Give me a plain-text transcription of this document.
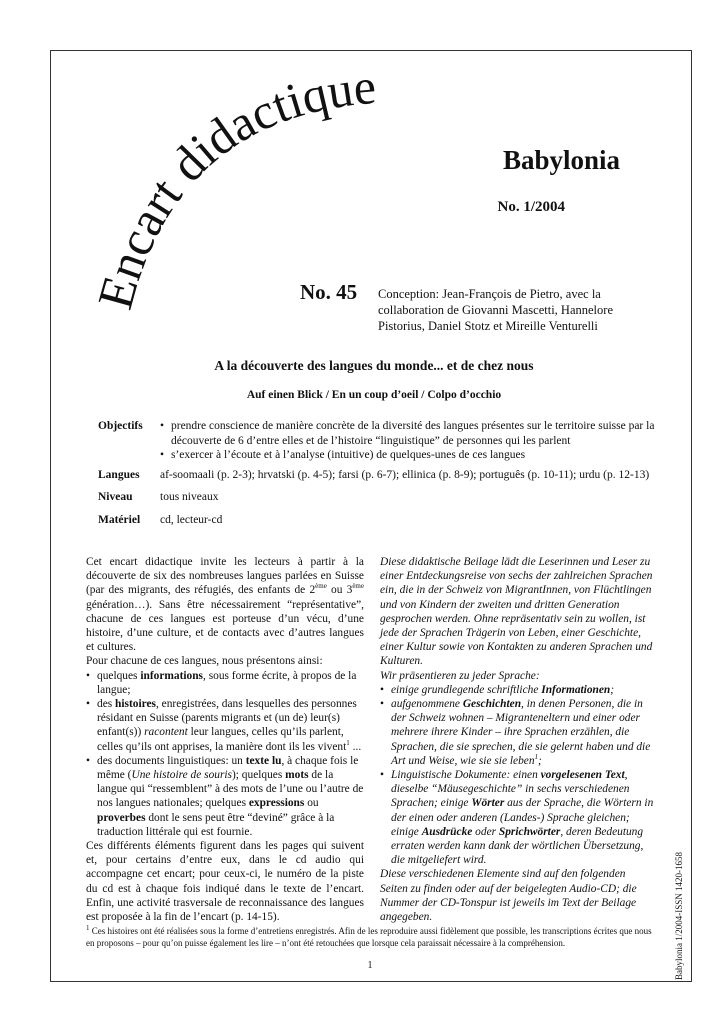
Encart didactique
Babylonia
No. 1/2004
No. 45 Conception: Jean-François de Pietro, avec la collaboration de Giovanni Mascetti, Hannelore Pistorius, Daniel Stotz et Mireille Venturelli
A la découverte des langues du monde... et de chez nous
Auf einen Blick / En un coup d’oeil / Colpo d’occhio
Objectifs
•	prendre conscience de manière concrète de la diversité des langues présentes sur le territoire suisse par la découverte de 6 d’entre elles et de l’histoire “linguistique” de personnes qui les parlent
• s’exercer à l’écoute et à l’analyse (intuitive) de quelques-unes de ces langues
Langues	af-soomaali (p. 2-3); hrvatski (p. 4-5); farsi (p. 6-7); ellinica (p. 8-9); português (p. 10-11); urdu (p. 12-13)
Niveau	tous niveaux
Matériel	cd, lecteur-cd

Cet encart didactique invite les lecteurs à partir à la découverte de six des nombreuses langues parlées en Suisse (par des migrants, des réfugiés, des enfants de 2ème ou 3ème génération…). Sans être nécessairement “représentative”, chacune de ces langues est porteuse d’un vécu, d’une histoire, d’une culture, et de contacts avec d’autres langues et cultures.

Pour chacune de ces langues, nous présentons ainsi:

• quelques informations, sous forme écrite, à propos de la langue;
• des histoires, enregistrées, dans lesquelles des personnes résidant en Suisse (parents migrants et (un de) leur(s) enfant(s)) racontent leur langues, celles qu’ils parlent, celles qu’ils ont apprises, la manière dont ils les vivent$^1$ ...
• des documents linguistiques: un texte lu, à chaque fois le même (Une histoire de souris); quelques mots de la langue qui “ressemblent” à des mots de l’une ou l’autre de nos langues nationales; quelques expressions ou proverbes dont le sens peut être “deviné” grâce à la traduction littérale qui est fournie.

Ces différents éléments figurent dans les pages qui suivent et, pour certains d’entre eux, dans le cd audio qui accompagne cet encart; pour ceux-ci, le numéro de la piste du cd est à chaque fois indiqué dans le texte de l’encart. Enfin, une activité trasversale de reconnaissance des langues est proposée à la fin de l’encart (p. 14-15).

Diese didaktische Beilage lädt die Leserinnen und Leser zu einer Entdeckungsreise von sechs der zahlreichen Sprachen ein, die in der Schweiz von MigrantInnen, von Flüchtlingen und von Kindern der zweiten und dritten Generation gesprochen werden. Ohne repräsentativ sein zu wollen, ist jede der Sprachen Trägerin von Leben, einer Geschichte, einer Kultur sowie von Kontakten zu anderen Sprachen und Kulturen.

Wir präsentieren zu jeder Sprache:

• einige grundlegende schriftliche Informationen;
• aufgenommene Geschichten, in denen Personen, die in der Schweiz wohnen – Migranteneltern und einer oder mehrere ihrere Kinder – ihre Sprachen erzählen, die Sprachen, die sie sprechen, die sie gelernt haben und die Art und Weise, wie sie sie leben$^1$;
• Linguistische Dokumente: einen vorgelesenen Text, dieselbe “Mäusegeschichte” in sechs verschiedenen Sprachen; einige Wörter aus der Sprache, die Wörtern in der einen oder anderen (Landes-) Sprache gleichen; einige Ausdrücke oder Sprichwörter, deren Bedeutung erraten werden kann dank der wörtlichen Übersetzung, die mitgeliefert wird.

Diese verschiedenen Elemente sind auf den folgenden Seiten zu finden oder auf der beigelegten Audio-CD; die Nummer der CD-Tonspur ist jeweils im Text der Beilage angegeben.

$^1$ Ces histoires ont été réalisées sous la forme d’entretiens enregistrés. Afin de les reproduire aussi fidèlement que possible, les transcriptions écrites que nous en proposons – pour qu’on puisse également les lire – n’ont été retouchées que lorsque cela paraissait nécessaire à la compréhension.
1	Babylonia 1/2004-ISSN 1420-1658
